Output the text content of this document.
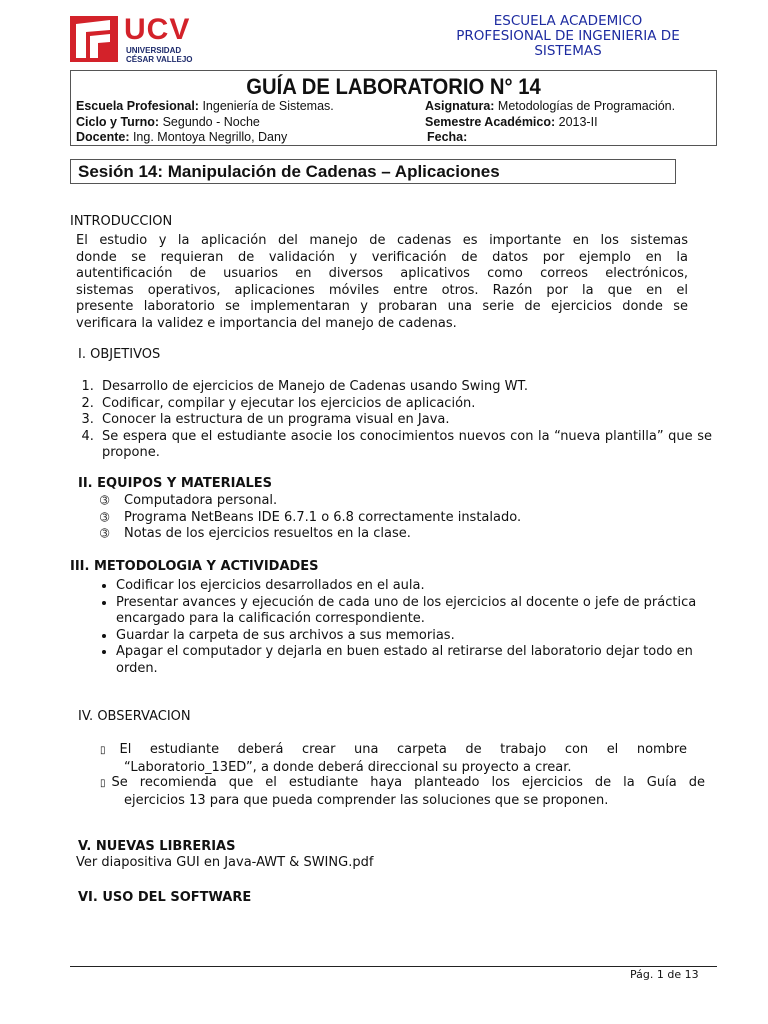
UCV
UNIVERSIDAD
CÉSAR VALLEJO
ESCUELA ACADEMICO
PROFESIONAL DE INGENIERIA DE
SISTEMAS
GUÍA DE LABORATORIO N° 14
Escuela Profesional: Ingeniería de Sistemas.	Asignatura: Metodologías de Programación.
Ciclo y Turno: Segundo - Noche	Semestre Académico: 2013-II
Docente: Ing. Montoya Negrillo, Dany	Fecha:
Sesión 14: Manipulación de Cadenas – Aplicaciones
INTRODUCCION
El estudio y la aplicación del manejo de cadenas es importante en los sistemas
donde se requieran de validación y verificación de datos por ejemplo en la
autentificación de usuarios en diversos aplicativos como correos electrónicos,
sistemas operativos, aplicaciones móviles entre otros. Razón por la que en el
presente laboratorio se implementaran y probaran una serie de ejercicios donde se
verificara la validez e importancia del manejo de cadenas.
I. OBJETIVOS
1. Desarrollo de ejercicios de Manejo de Cadenas usando Swing WT.
2. Codificar, compilar y ejecutar los ejercicios de aplicación.
3. Conocer la estructura de un programa visual en Java.
4. Se espera que el estudiante asocie los conocimientos nuevos con la “nueva plantilla” que se propone.
II. EQUIPOS Y MATERIALES
➂ Computadora personal.
➂ Programa NetBeans IDE 6.7.1 o 6.8 correctamente instalado.
➂ Notas de los ejercicios resueltos en la clase.
III. METODOLOGIA Y ACTIVIDADES
• Codificar los ejercicios desarrollados en el aula.
• Presentar avances y ejecución de cada uno de los ejercicios al docente o jefe de práctica encargado para la calificación correspondiente.
• Guardar la carpeta de sus archivos a sus memorias.
• Apagar el computador y dejarla en buen estado al retirarse del laboratorio dejar todo en orden.
IV. OBSERVACION
▯ El estudiante deberá crear una carpeta de trabajo con el nombre
“Laboratorio_13ED”, a donde deberá direccional su proyecto a crear.
▯ Se recomienda que el estudiante haya planteado los ejercicios de la Guía de
ejercicios 13 para que pueda comprender las soluciones que se proponen.
V. NUEVAS LIBRERIAS
Ver diapositiva GUI en Java-AWT & SWING.pdf
VI. USO DEL SOFTWARE
Pág. 1 de 13
